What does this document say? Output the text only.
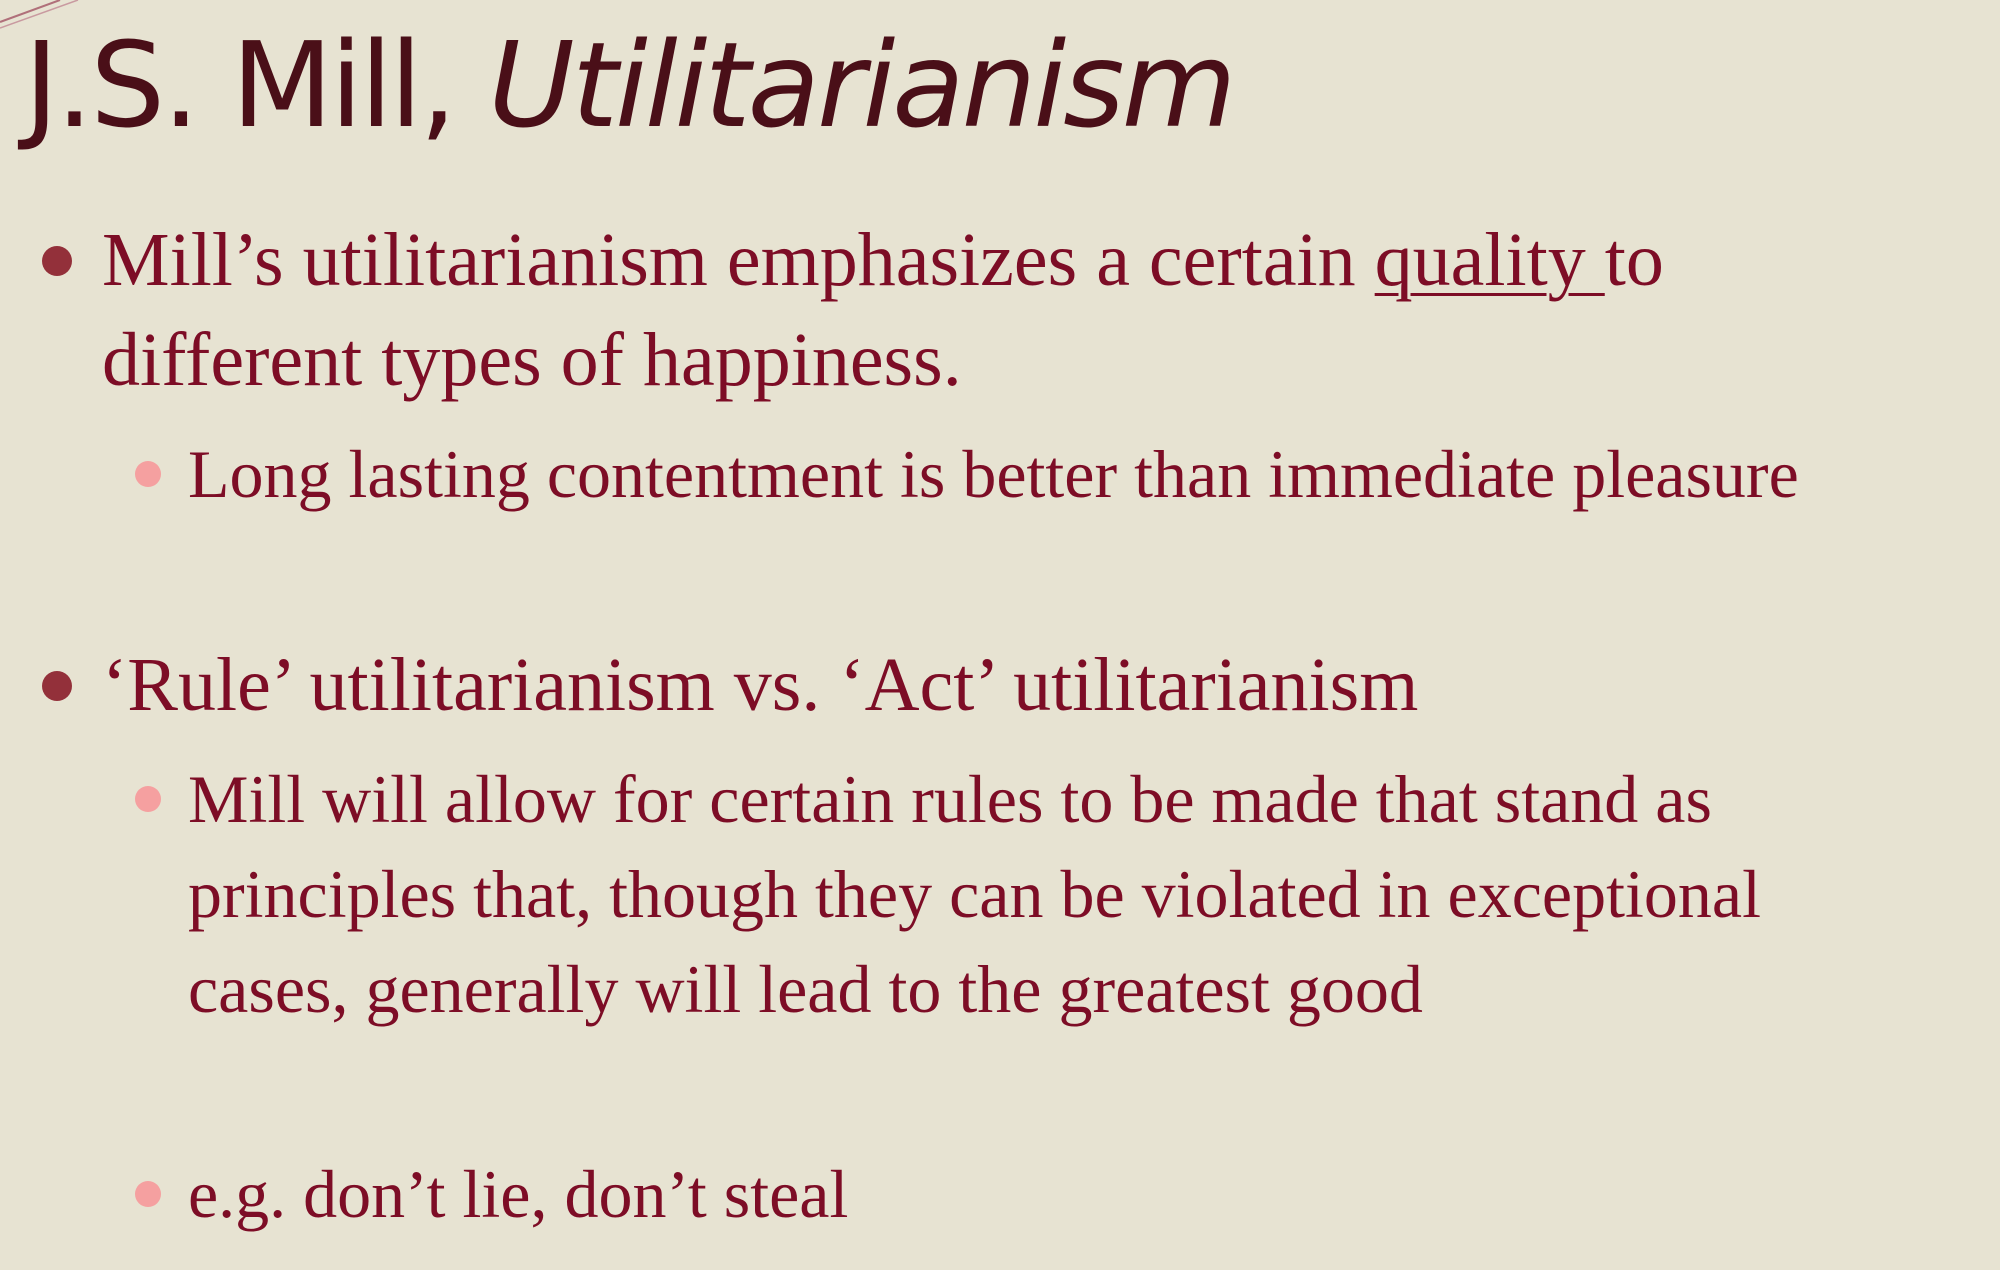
J.S. Mill, Utilitarianism
Mill’s utilitarianism emphasizes a certain quality to different types of happiness.
Long lasting contentment is better than immediate pleasure
‘Rule’ utilitarianism vs. ‘Act’ utilitarianism
Mill will allow for certain rules to be made that stand as principles that, though they can be violated in exceptional cases, generally will lead to the greatest good
e.g. don’t lie, don’t steal
